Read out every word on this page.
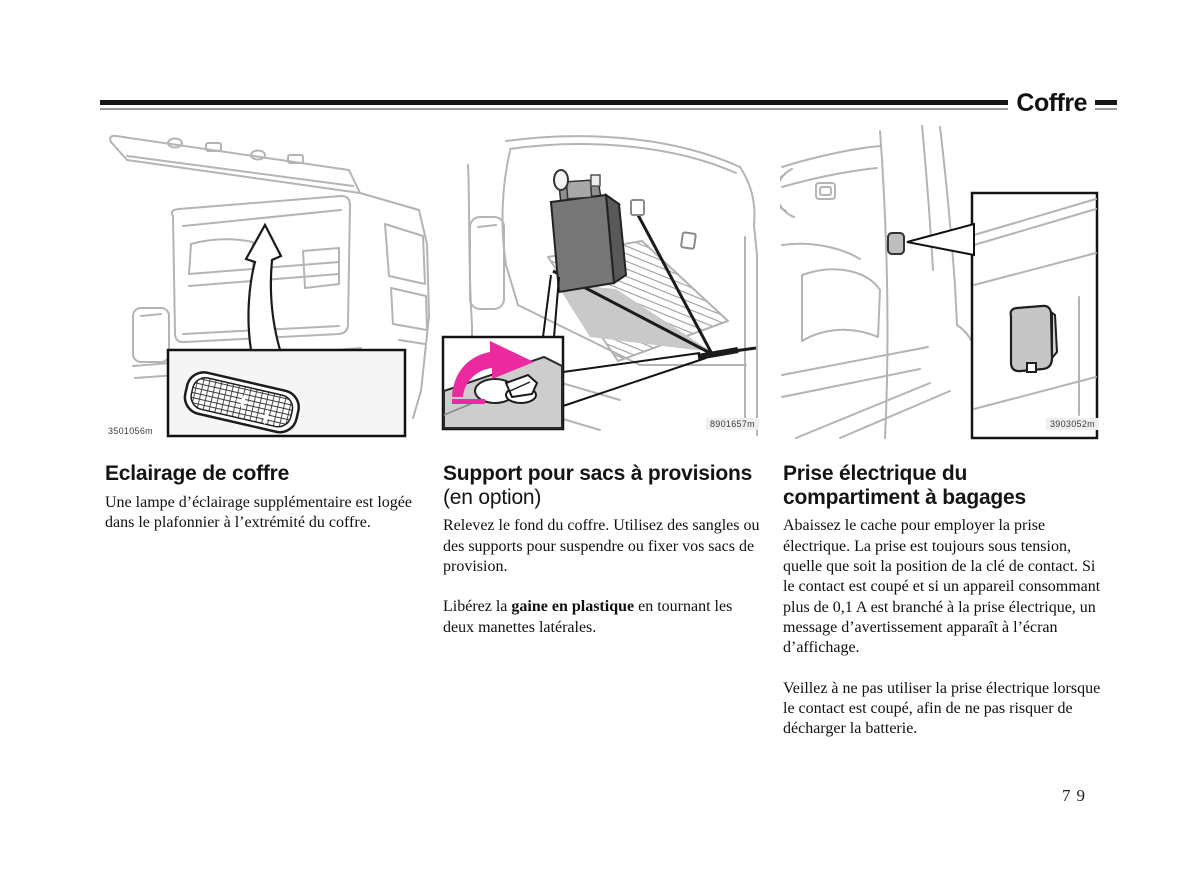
Coffre
3501056m
8901657m	3903052m
Eclairage de coffre

Une lampe d’éclairage supplémentaire est logée dans le plafonnier à l’extrémité du coffre.

Support pour sacs à provisions (en option)

Relevez le fond du coffre. Utilisez des sangles ou des supports pour suspendre ou fixer vos sacs de provision.

Libérez la gaine en plastique en tournant les deux manettes latérales.

Prise électrique du compartiment à bagages

Abaissez le cache pour employer la prise électrique. La prise est toujours sous tension, quelle que soit la position de la clé de contact. Si le contact est coupé et si un appareil consommant plus de 0,1 A est branché à la prise électrique, un message d’avertissement apparaît à l’écran d’affichage.

Veillez à ne pas utiliser la prise électrique lorsque le contact est coupé, afin de ne pas risquer de décharger la batterie.

79
